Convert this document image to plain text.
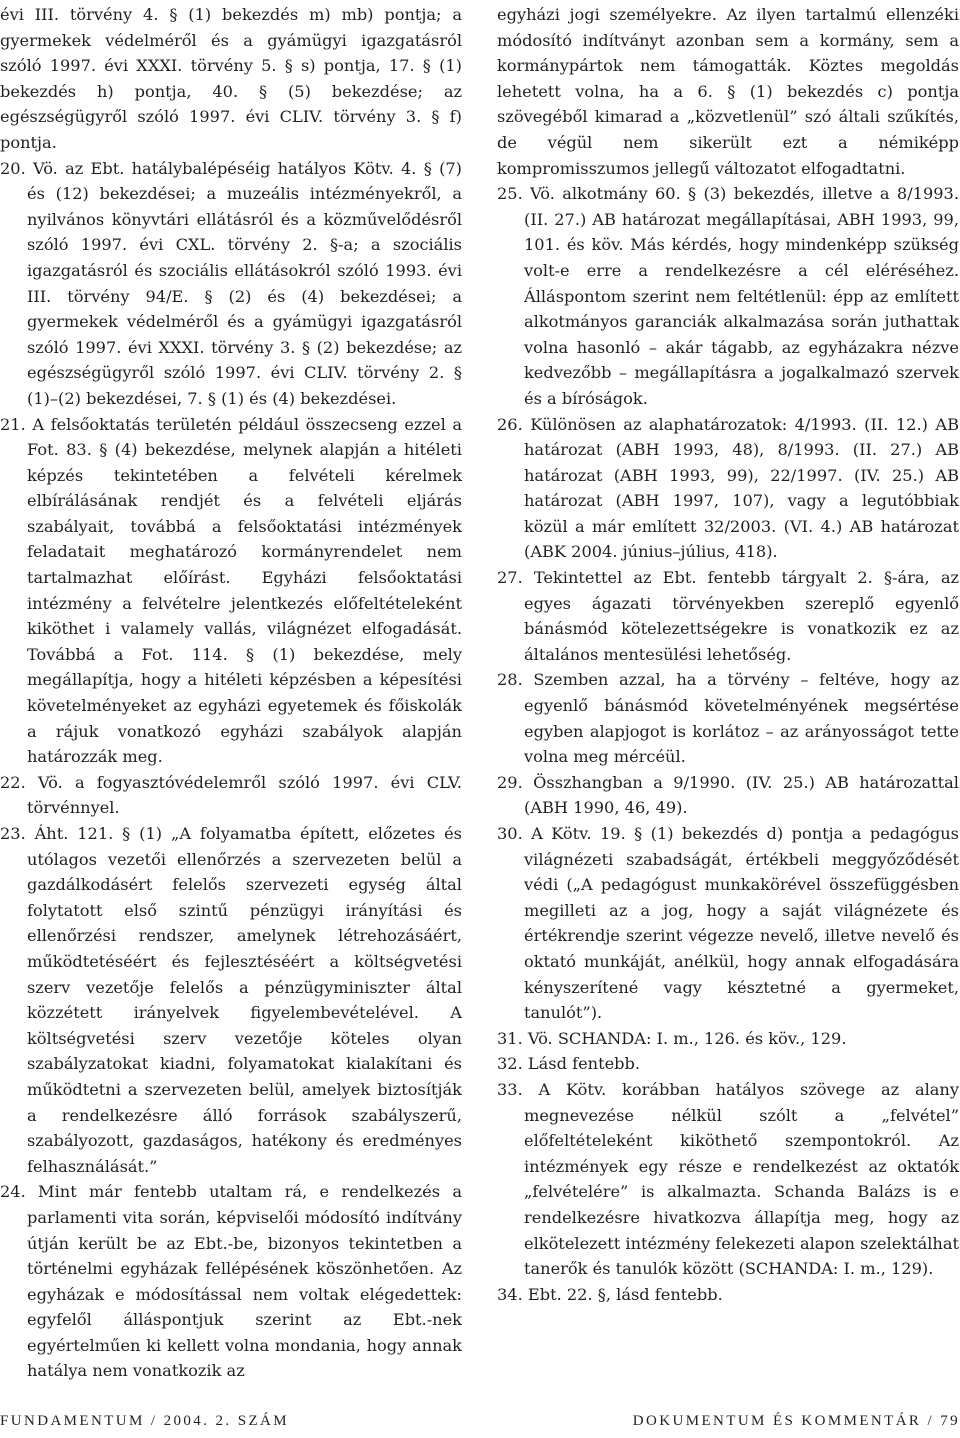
évi III. törvény 4. § (1) bekezdés m) mb) pontja; a gyermekek védelméről és a gyámügyi igazgatásról szóló 1997. évi XXXI. törvény 5. § s) pontja, 17. § (1) bekezdés h) pontja, 40. § (5) bekezdése; az egészségügyről szóló 1997. évi CLIV. törvény 3. § f) pontja.

20. Vö. az Ebt. hatálybalépéséig hatályos Kötv. 4. § (7) és (12) bekezdései; a muzeális intézményekről, a nyilvános könyvtári ellátásról és a közművelődésről szóló 1997. évi CXL. törvény 2. §-a; a szociális igazgatásról és szociális ellátásokról szóló 1993. évi III. törvény 94/E. § (2) és (4) bekezdései; a gyermekek védelméről és a gyámügyi igazgatásról szóló 1997. évi XXXI. törvény 3. § (2) bekezdése; az egészségügyről szóló 1997. évi CLIV. törvény 2. § (1)–(2) bekezdései, 7. § (1) és (4) bekezdései.

21. A felsőoktatás területén például összecseng ezzel a Fot. 83. § (4) bekezdése, melynek alapján a hitéleti képzés tekintetében a felvételi kérelmek elbírálásának rendjét és a felvételi eljárás szabályait, továbbá a felsőoktatási intézmények feladatait meghatározó kormányrendelet nem tartalmazhat előírást. Egyházi felsőoktatási intézmény a felvételre jelentkezés előfeltételeként kiköthet i valamely vallás, világnézet elfogadását. Továbbá a Fot. 114. § (1) bekezdése, mely megállapítja, hogy a hitéleti képzésben a képesítési követelményeket az egyházi egyetemek és főiskolák a rájuk vonatkozó egyházi szabályok alapján határozzák meg.

22. Vö. a fogyasztóvédelemről szóló 1997. évi CLV. törvénnyel.

23. Áht. 121. § (1) „A folyamatba épített, előzetes és utólagos vezetői ellenőrzés a szervezeten belül a gazdálkodásért felelős szervezeti egység által folytatott első szintű pénzügyi irányítási és ellenőrzési rendszer, amelynek létrehozásáért, működtetéséért és fejlesztéséért a költségvetési szerv vezetője felelős a pénzügyminiszter által közzétett irányelvek figyelembevételével. A költségvetési szerv vezetője köteles olyan szabályzatokat kiadni, folyamatokat kialakítani és működtetni a szervezeten belül, amelyek biztosítják a rendelkezésre álló források szabályszerű, szabályozott, gazdaságos, hatékony és eredményes felhasználását.”

24. Mint már fentebb utaltam rá, e rendelkezés a parlamenti vita során, képviselői módosító indítvány útján került be az Ebt.-be, bizonyos tekintetben a történelmi egyházak fellépésének köszönhetően. Az egyházak e módosítással nem voltak elégedettek: egyfelől álláspontjuk szerint az Ebt.-nek egyértelműen ki kellett volna mondania, hogy annak hatálya nem vonatkozik az

egyházi jogi személyekre. Az ilyen tartalmú ellenzéki módosító indítványt azonban sem a kormány, sem a kormánypártok nem támogatták. Köztes megoldás lehetett volna, ha a 6. § (1) bekezdés c) pontja szövegéből kimarad a „közvetlenül” szó általi szűkítés, de végül nem sikerült ezt a némiképp kompromisszumos jellegű változatot elfogadtatni.

25. Vö. alkotmány 60. § (3) bekezdés, illetve a 8/1993. (II. 27.) AB határozat megállapításai, ABH 1993, 99, 101. és köv. Más kérdés, hogy mindenképp szükség volt-e erre a rendelkezésre a cél eléréséhez. Álláspontom szerint nem feltétlenül: épp az említett alkotmányos garanciák alkalmazása során juthattak volna hasonló – akár tágabb, az egyházakra nézve kedvezőbb – megállapításra a jogalkalmazó szervek és a bíróságok.

26. Különösen az alaphatározatok: 4/1993. (II. 12.) AB határozat (ABH 1993, 48), 8/1993. (II. 27.) AB határozat (ABH 1993, 99), 22/1997. (IV. 25.) AB határozat (ABH 1997, 107), vagy a legutóbbiak közül a már említett 32/2003. (VI. 4.) AB határozat (ABK 2004. június–július, 418).

27. Tekintettel az Ebt. fentebb tárgyalt 2. §-ára, az egyes ágazati törvényekben szereplő egyenlő bánásmód kötelezettségekre is vonatkozik ez az általános mentesülési lehetőség.

28. Szemben azzal, ha a törvény – feltéve, hogy az egyenlő bánásmód követelményének megsértése egyben alapjogot is korlátoz – az arányosságot tette volna meg mércéül.

29. Összhangban a 9/1990. (IV. 25.) AB határozattal (ABH 1990, 46, 49).

30. A Kötv. 19. § (1) bekezdés d) pontja a pedagógus világnézeti szabadságát, értékbeli meggyőződését védi („A pedagógust munkakörével összefüggésben megilleti az a jog, hogy a saját világnézete és értékrendje szerint végezze nevelő, illetve nevelő és oktató munkáját, anélkül, hogy annak elfogadására kényszerítené vagy késztetné a gyermeket, tanulót”).

31. Vö. SCHANDA: I. m., 126. és köv., 129.

32. Lásd fentebb.

33. A Kötv. korábban hatályos szövege az alany megnevezése nélkül szólt a „felvétel” előfeltételeként kiköthető szempontokról. Az intézmények egy része e rendelkezést az oktatók „felvételére” is alkalmazta. Schanda Balázs is e rendelkezésre hivatkozva állapítja meg, hogy az elkötelezett intézmény felekezeti alapon szelektálhat tanerők és tanulók között (SCHANDA: I. m., 129).

34. Ebt. 22. §, lásd fentebb.

FUNDAMENTUM / 2004. 2. SZÁM	DOKUMENTUM ÉS KOMMENTÁR / 79
